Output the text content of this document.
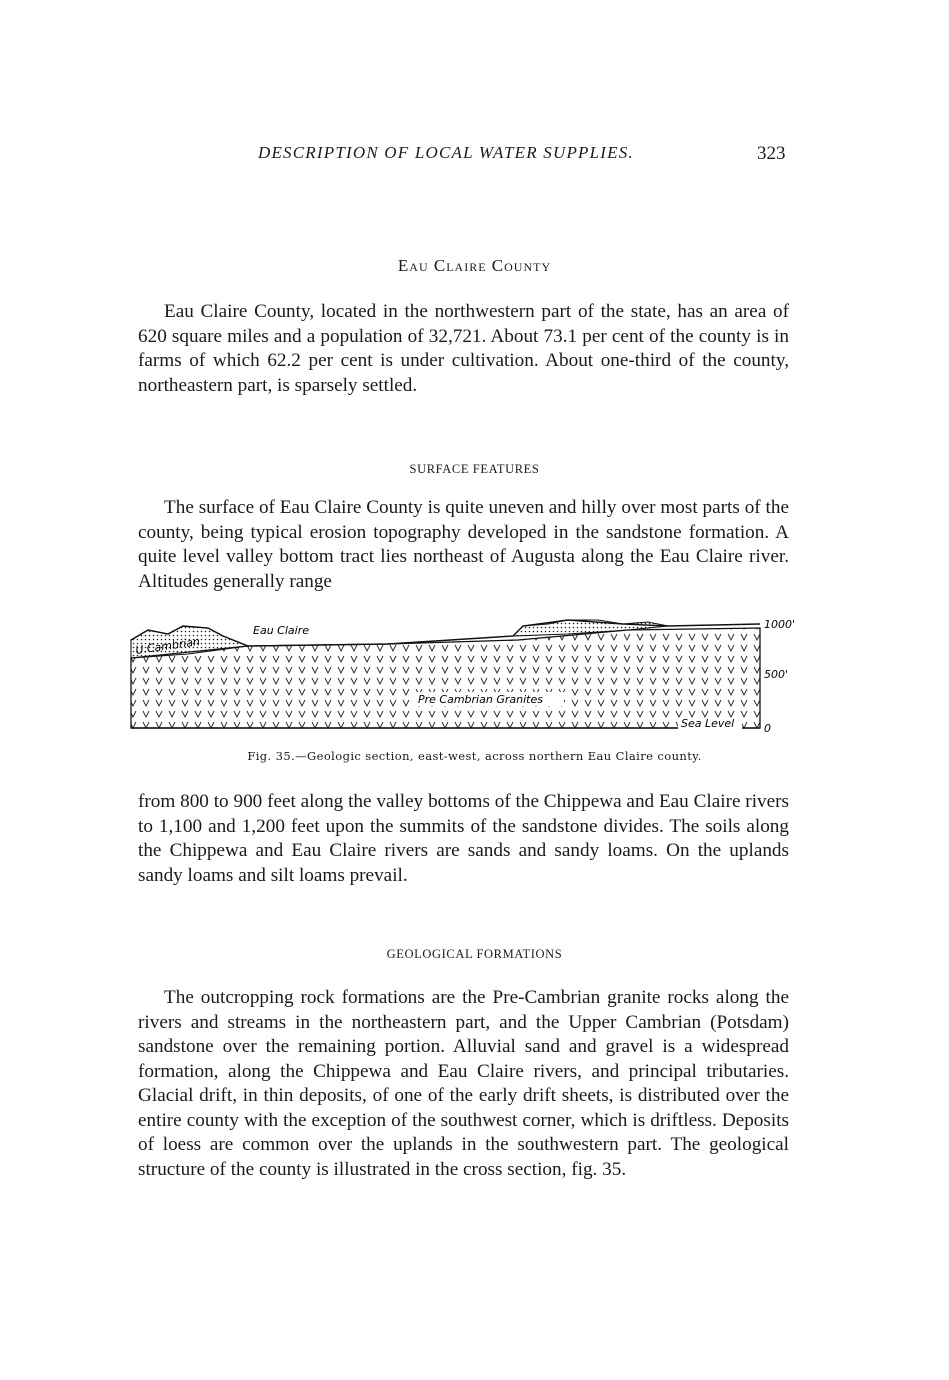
DESCRIPTION OF LOCAL WATER SUPPLIES.	323
Eau Claire County

Eau Claire County, located in the northwestern part of the state, has an area of 620 square miles and a population of 32,721. About 73.1 per cent of the county is in farms of which 62.2 per cent is under cultivation. About one-third of the county, northeastern part, is sparsely settled.

SURFACE FEATURES

The surface of Eau Claire County is quite uneven and hilly over most parts of the county, being typical erosion topography developed in the sandstone formation. A quite level valley bottom tract lies northeast of Augusta along the Eau Claire river. Altitudes generally range

Eau Claire
U.Cambrian
Pre Cambrian Granites
Sea Level
1000'
500'
0
Fig. 35.—Geologic section, east-west, across northern Eau Claire county.

from 800 to 900 feet along the valley bottoms of the Chippewa and Eau Claire rivers to 1,100 and 1,200 feet upon the summits of the sandstone divides. The soils along the Chippewa and Eau Claire rivers are sands and sandy loams. On the uplands sandy loams and silt loams prevail.

GEOLOGICAL FORMATIONS

The outcropping rock formations are the Pre-Cambrian granite rocks along the rivers and streams in the northeastern part, and the Upper Cambrian (Potsdam) sandstone over the remaining portion. Alluvial sand and gravel is a widespread formation, along the Chippewa and Eau Claire rivers, and principal tributaries. Glacial drift, in thin deposits, of one of the early drift sheets, is distributed over the entire county with the exception of the southwest corner, which is driftless. Deposits of loess are common over the uplands in the southwestern part. The geological structure of the county is illustrated in the cross section, fig. 35.
